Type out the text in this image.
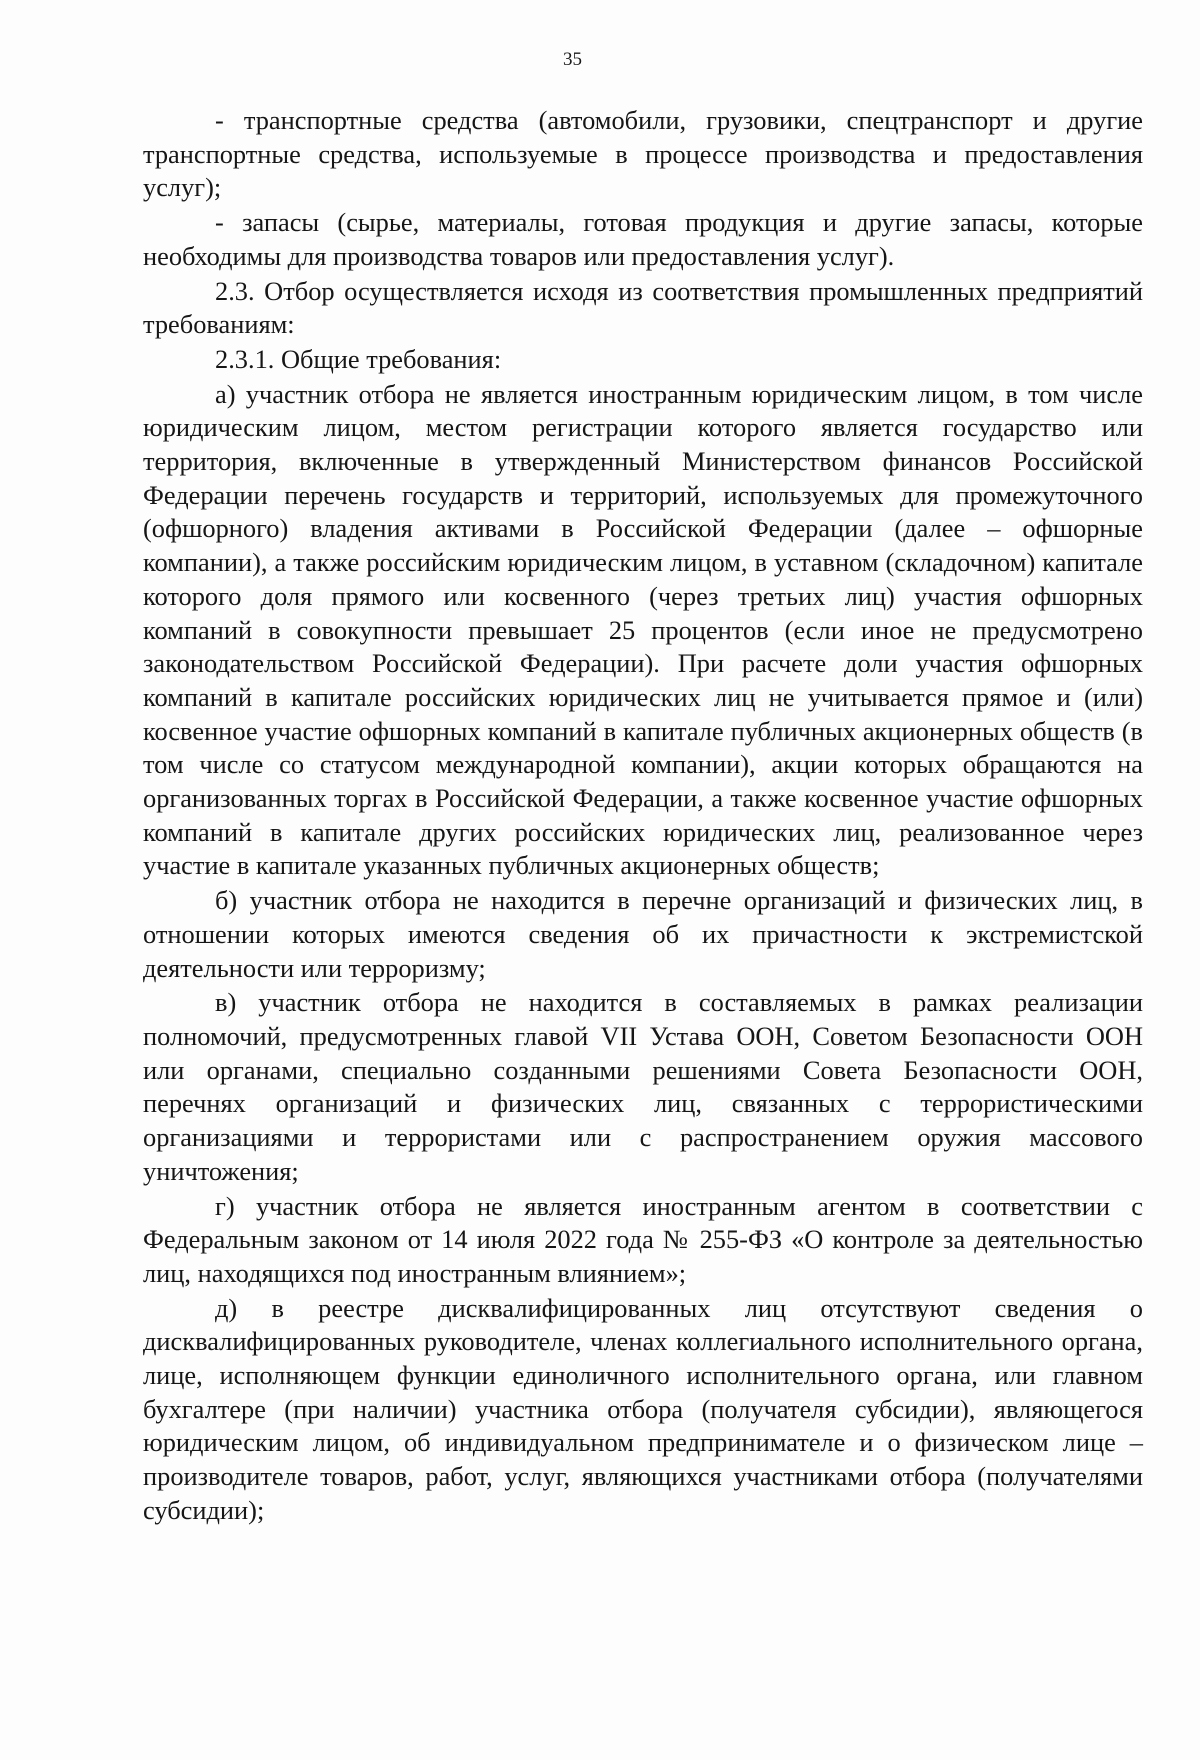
35

- транспортные средства (автомобили, грузовики, спецтранспорт и другие транспортные средства, используемые в процессе производства и предоставления услуг);

- запасы (сырье, материалы, готовая продукция и другие запасы, которые необходимы для производства товаров или предоставления услуг).

2.3. Отбор осуществляется исходя из соответствия промышленных предприятий требованиям:

2.3.1. Общие требования:

а) участник отбора не является иностранным юридическим лицом, в том числе юридическим лицом, местом регистрации которого является государство или территория, включенные в утвержденный Министерством финансов Российской Федерации перечень государств и территорий, используемых для промежуточного (офшорного) владения активами в Российской Федерации (далее – офшорные компании), а также российским юридическим лицом, в уставном (складочном) капитале которого доля прямого или косвенного (через третьих лиц) участия офшорных компаний в совокупности превышает 25 процентов (если иное не предусмотрено законодательством Российской Федерации). При расчете доли участия офшорных компаний в капитале российских юридических лиц не учитывается прямое и (или) косвенное участие офшорных компаний в капитале публичных акционерных обществ (в том числе со статусом международной компании), акции которых обращаются на организованных торгах в Российской Федерации, а также косвенное участие офшорных компаний в капитале других российских юридических лиц, реализованное через участие в капитале указанных публичных акционерных обществ;

б) участник отбора не находится в перечне организаций и физических лиц, в отношении которых имеются сведения об их причастности к экстремистской деятельности или терроризму;

в) участник отбора не находится в составляемых в рамках реализации полномочий, предусмотренных главой VII Устава ООН, Советом Безопасности ООН или органами, специально созданными решениями Совета Безопасности ООН, перечнях организаций и физических лиц, связанных с террористическими организациями и террористами или с распространением оружия массового уничтожения;

г) участник отбора не является иностранным агентом в соответствии с Федеральным законом от 14 июля 2022 года № 255-ФЗ «О контроле за деятельностью лиц, находящихся под иностранным влиянием»;

д) в реестре дисквалифицированных лиц отсутствуют сведения о дисквалифицированных руководителе, членах коллегиального исполнительного органа, лице, исполняющем функции единоличного исполнительного органа, или главном бухгалтере (при наличии) участника отбора (получателя субсидии), являющегося юридическим лицом, об индивидуальном предпринимателе и о физическом лице – производителе товаров, работ, услуг, являющихся участниками отбора (получателями субсидии);
